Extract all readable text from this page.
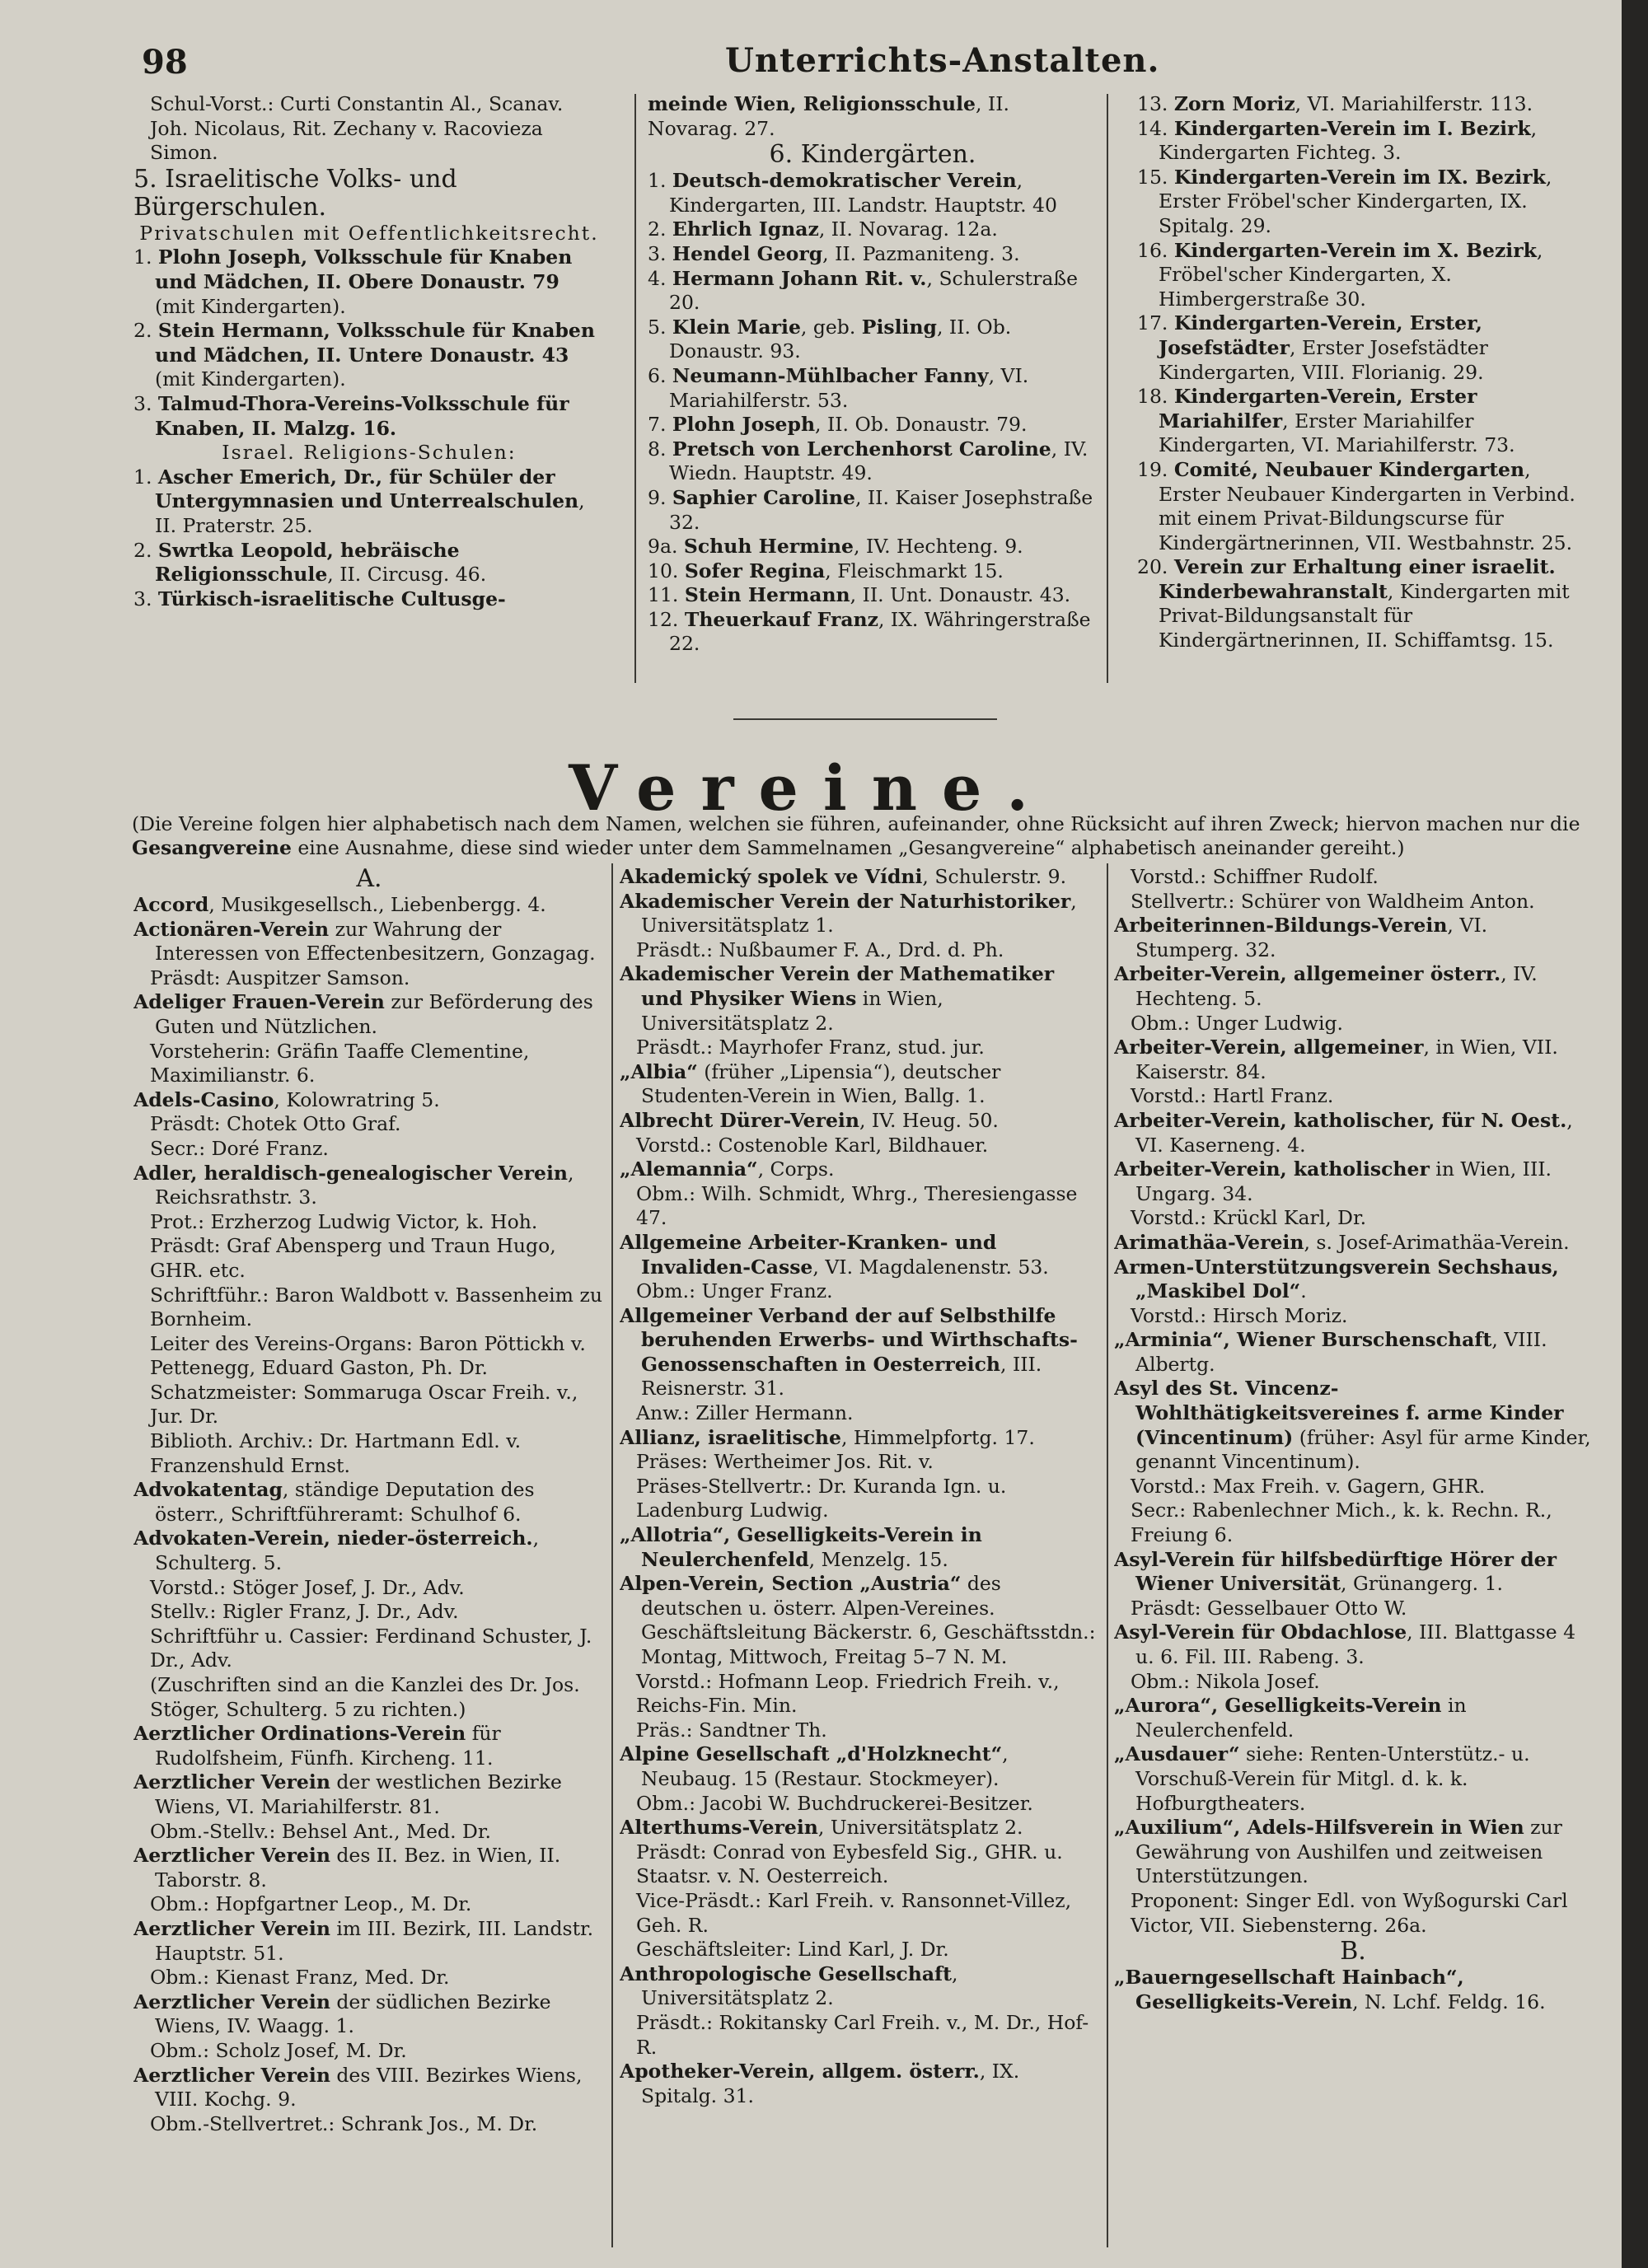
98	Unterrichts-Anstalten.

Schul-Vorst.: Curti Constantin Al., Scanav. Joh. Nicolaus, Rit. Zechany v. Racoviezа Simon.

5. Israelitische Volks- und Bürgerschulen.

Privatschulen mit Oeffentlichkeitsrecht.

1. Plohn Joseph, Volksschule für Knaben und Mädchen, II. Obere Donaustr. 79 (mit Kindergarten).

2. Stein Hermann, Volksschule für Knaben und Mädchen, II. Untere Donaustr. 43 (mit Kindergarten).

3. Talmud-Thora-Vereins-Volksschule für Knaben, II. Malzg. 16.

Israel. Religions-Schulen:

1. Ascher Emerich, Dr., für Schüler der Untergymnasien und Unterrealschulen, II. Praterstr. 25.

2. Swrtka Leopold, hebräische Religionsschule, II. Circusg. 46.

3. Türkisch-israelitische Cultusge-

meinde Wien, Religionsschule, II. Novarag. 27.

6. Kindergärten.

1. Deutsch-demokratischer Verein, Kindergarten, III. Landstr. Hauptstr. 40

2. Ehrlich Ignaz, II. Novarag. 12a.

3. Hendel Georg, II. Pazmaniteng. 3.

4. Hermann Johann Rit. v., Schulerstraße 20.

5. Klein Marie, geb. Pisling, II. Ob. Donaustr. 93.

6. Neumann-Mühlbacher Fanny, VI. Mariahilferstr. 53.

7. Plohn Joseph, II. Ob. Donaustr. 79.

8. Pretsch von Lerchenhorst Caroline, IV. Wiedn. Hauptstr. 49.

9. Saphier Caroline, II. Kaiser Josephstraße 32.

9a. Schuh Hermine, IV. Hechteng. 9.

10. Sofer Regina, Fleischmarkt 15.

11. Stein Hermann, II. Unt. Donaustr. 43.

12. Theuerkauf Franz, IX. Währingerstraße 22.

13. Zorn Moriz, VI. Mariahilferstr. 113.

14. Kindergarten-Verein im I. Bezirk, Kindergarten Fichteg. 3.

15. Kindergarten-Verein im IX. Bezirk, Erster Fröbel'scher Kindergarten, IX. Spitalg. 29.

16. Kindergarten-Verein im X. Bezirk, Fröbel'scher Kindergarten, X. Himbergerstraße 30.

17. Kindergarten-Verein, Erster, Josefstädter, Erster Josefstädter Kindergarten, VIII. Florianig. 29.

18. Kindergarten-Verein, Erster Mariahilfer, Erster Mariahilfer Kindergarten, VI. Mariahilferstr. 73.

19. Comité, Neubauer Kindergarten, Erster Neubauer Kindergarten in Verbind. mit einem Privat-Bildungscurse für Kindergärtnerinnen, VII. Westbahnstr. 25.

20. Verein zur Erhaltung einer israelit. Kinderbewahranstalt, Kindergarten mit Privat-Bildungsanstalt für Kindergärtnerinnen, II. Schiffamtsg. 15.

Vereine.

(Die Vereine folgen hier alphabetisch nach dem Namen, welchen sie führen, aufeinander, ohne Rücksicht auf ihren Zweck; hiervon machen nur die Gesangvereine eine Ausnahme, diese sind wieder unter dem Sammelnamen „Gesangvereine“ alphabetisch aneinander gereiht.)

A.

Accord, Musikgesellsch., Liebenbergg. 4.

Actionären-Verein zur Wahrung der Interessen von Effectenbesitzern, Gonzagag.

Präsdt: Auspitzer Samson.

Adeliger Frauen-Verein zur Beförderung des Guten und Nützlichen.

Vorsteherin: Gräfin Taaffe Clementine, Maximilianstr. 6.

Adels-Casino, Kolowratring 5.

Präsdt: Chotek Otto Graf.

Secr.: Doré Franz.

Adler, heraldisch-genealogischer Verein, Reichsrathstr. 3.

Prot.: Erzherzog Ludwig Victor, k. Hoh.

Präsdt: Graf Abensperg und Traun Hugo, GHR. etc.

Schriftführ.: Baron Waldbott v. Bassenheim zu Bornheim.

Leiter des Vereins-Organs: Baron Pöttickh v. Pettenegg, Eduard Gaston, Ph. Dr.

Schatzmeister: Sommaruga Oscar Freih. v., Jur. Dr.

Biblioth. Archiv.: Dr. Hartmann Edl. v. Franzenshuld Ernst.

Advokatentag, ständige Deputation des österr., Schriftführeramt: Schulhof 6.

Advokaten-Verein, nieder-österreich., Schulterg. 5.

Vorstd.: Stöger Josef, J. Dr., Adv.

Stellv.: Rigler Franz, J. Dr., Adv.

Schriftführ u. Cassier: Ferdinand Schuster, J. Dr., Adv.

(Zuschriften sind an die Kanzlei des Dr. Jos. Stöger, Schulterg. 5 zu richten.)

Aerztlicher Ordinations-Verein für Rudolfsheim, Fünfh. Kircheng. 11.

Aerztlicher Verein der westlichen Bezirke Wiens, VI. Mariahilferstr. 81.

Obm.-Stellv.: Behsel Ant., Med. Dr.

Aerztlicher Verein des II. Bez. in Wien, II. Taborstr. 8.

Obm.: Hopfgartner Leop., M. Dr.

Aerztlicher Verein im III. Bezirk, III. Landstr. Hauptstr. 51.

Obm.: Kienast Franz, Med. Dr.

Aerztlicher Verein der südlichen Bezirke Wiens, IV. Waagg. 1.

Obm.: Scholz Josef, M. Dr.

Aerztlicher Verein des VIII. Bezirkes Wiens, VIII. Kochg. 9.

Obm.-Stellvertret.: Schrank Jos., M. Dr.

Akademický spolek ve Vídni, Schulerstr. 9.

Akademischer Verein der Naturhistoriker, Universitätsplatz 1.

Präsdt.: Nußbaumer F. A., Drd. d. Ph.

Akademischer Verein der Mathematiker und Physiker Wiens in Wien, Universitätsplatz 2.

Präsdt.: Mayrhofer Franz, stud. jur.

„Albia“ (früher „Lipensia“), deutscher Studenten-Verein in Wien, Ballg. 1.

Albrecht Dürer-Verein, IV. Heug. 50.

Vorstd.: Costenoble Karl, Bildhauer.

„Alemannia“, Corps.

Obm.: Wilh. Schmidt, Whrg., Theresiengasse 47.

Allgemeine Arbeiter-Kranken- und Invaliden-Casse, VI. Magdalenenstr. 53.

Obm.: Unger Franz.

Allgemeiner Verband der auf Selbsthilfe beruhenden Erwerbs- und Wirthschafts-Genossenschaften in Oesterreich, III. Reisnerstr. 31.

Anw.: Ziller Hermann.

Allianz, israelitische, Himmelpfortg. 17.

Präses: Wertheimer Jos. Rit. v.

Präses-Stellvertr.: Dr. Kuranda Ign. u. Ladenburg Ludwig.

„Allotria“, Geselligkeits-Verein in Neulerchenfeld, Menzelg. 15.

Alpen-Verein, Section „Austria“ des deutschen u. österr. Alpen-Vereines. Geschäftsleitung Bäckerstr. 6, Geschäftsstdn.: Montag, Mittwoch, Freitag 5–7 N. M.

Vorstd.: Hofmann Leop. Friedrich Freih. v., Reichs-Fin. Min.

Präs.: Sandtner Th.

Alpine Gesellschaft „d'Holzknecht“, Neubaug. 15 (Restaur. Stockmeyer).

Obm.: Jacobi W. Buchdruckerei-Besitzer.

Alterthums-Verein, Universitätsplatz 2.

Präsdt: Conrad von Eybesfeld Sig., GHR. u. Staatsr. v. N. Oesterreich.

Vice-Präsdt.: Karl Freih. v. Ransonnet-Villez, Geh. R.

Geschäftsleiter: Lind Karl, J. Dr.

Anthropologische Gesellschaft, Universitätsplatz 2.

Präsdt.: Rokitansky Carl Freih. v., M. Dr., Hof-R.

Apotheker-Verein, allgem. österr., IX. Spitalg. 31.

Vorstd.: Schiffner Rudolf.

Stellvertr.: Schürer von Waldheim Anton.

Arbeiterinnen-Bildungs-Verein, VI. Stumperg. 32.

Arbeiter-Verein, allgemeiner österr., IV. Hechteng. 5.

Obm.: Unger Ludwig.

Arbeiter-Verein, allgemeiner, in Wien, VII. Kaiserstr. 84.

Vorstd.: Hartl Franz.

Arbeiter-Verein, katholischer, für N. Oest., VI. Kaserneng. 4.

Arbeiter-Verein, katholischer in Wien, III. Ungarg. 34.

Vorstd.: Krückl Karl, Dr.

Arimathäa-Verein, s. Josef-Arimathäa-Verein.

Armen-Unterstützungsverein Sechshaus, „Maskibel Dol“.

Vorstd.: Hirsch Moriz.

„Arminia“, Wiener Burschenschaft, VIII. Albertg.

Asyl des St. Vincenz-Wohlthätigkeitsvereines f. arme Kinder (Vincentinum) (früher: Asyl für arme Kinder, genannt Vincentinum).

Vorstd.: Max Freih. v. Gagern, GHR.

Secr.: Rabenlechner Mich., k. k. Rechn. R., Freiung 6.

Asyl-Verein für hilfsbedürftige Hörer der Wiener Universität, Grünangerg. 1.

Präsdt: Gesselbauer Otto W.

Asyl-Verein für Obdachlose, III. Blattgasse 4 u. 6. Fil. III. Rabeng. 3.

Obm.: Nikola Josef.

„Aurora“, Geselligkeits-Verein in Neulerchenfeld.

„Ausdauer“ siehe: Renten-Unterstütz.- u. Vorschuß-Verein für Mitgl. d. k. k. Hofburgtheaters.

„Auxilium“, Adels-Hilfsverein in Wien zur Gewährung von Aushilfen und zeitweisen Unterstützungen.

Proponent: Singer Edl. von Wyßogurski Carl Victor, VII. Siebensterng. 26a.

B.

„Bauerngesellschaft Hainbach“, Geselligkeits-Verein, N. Lchf. Feldg. 16.
